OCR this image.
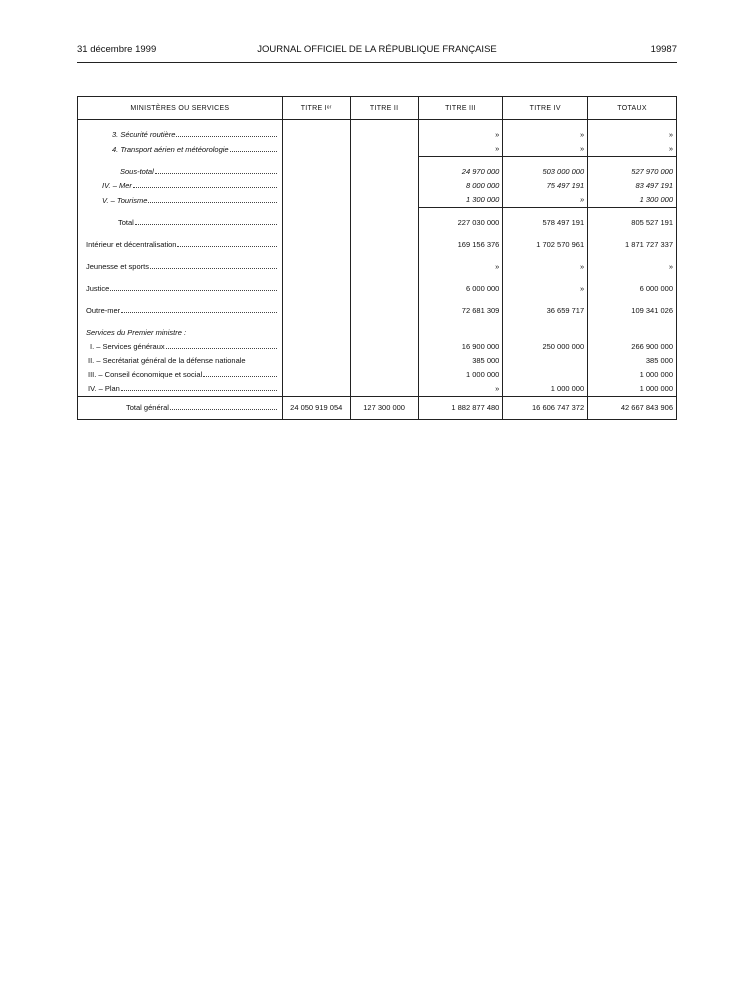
31 décembre 1999	JOURNAL OFFICIEL DE LA RÉPUBLIQUE FRANÇAISE	19987
MINISTÈRES OU SERVICES	TITRE Iᵉʳ	TITRE II	TITRE III	TITRE IV	TOTAUX

3. Sécurité routière			»	»	»

4. Transport aérien et météorologie			»	»	»

Sous-total			24 970 000	503 000 000	527 970 000

IV. – Mer			8 000 000	75 497 191	83 497 191

V. – Tourisme			1 300 000	»	1 300 000

Total			227 030 000	578 497 191	805 527 191

Intérieur et décentralisation			169 156 376	1 702 570 961	1 871 727 337

Jeunesse et sports			»	»	»

Justice			6 000 000	»	6 000 000

Outre-mer			72 681 309	36 659 717	109 341 026

Services du Premier ministre :					

I. – Services généraux			16 900 000	250 000 000	266 900 000
II. – Secrétariat général de la défense nationale			385 000		385 000

III. – Conseil économique et social			1 000 000		1 000 000

IV. – Plan			»	1 000 000	1 000 000

Total général	24 050 919 054	127 300 000	1 882 877 480	16 606 747 372	42 667 843 906
